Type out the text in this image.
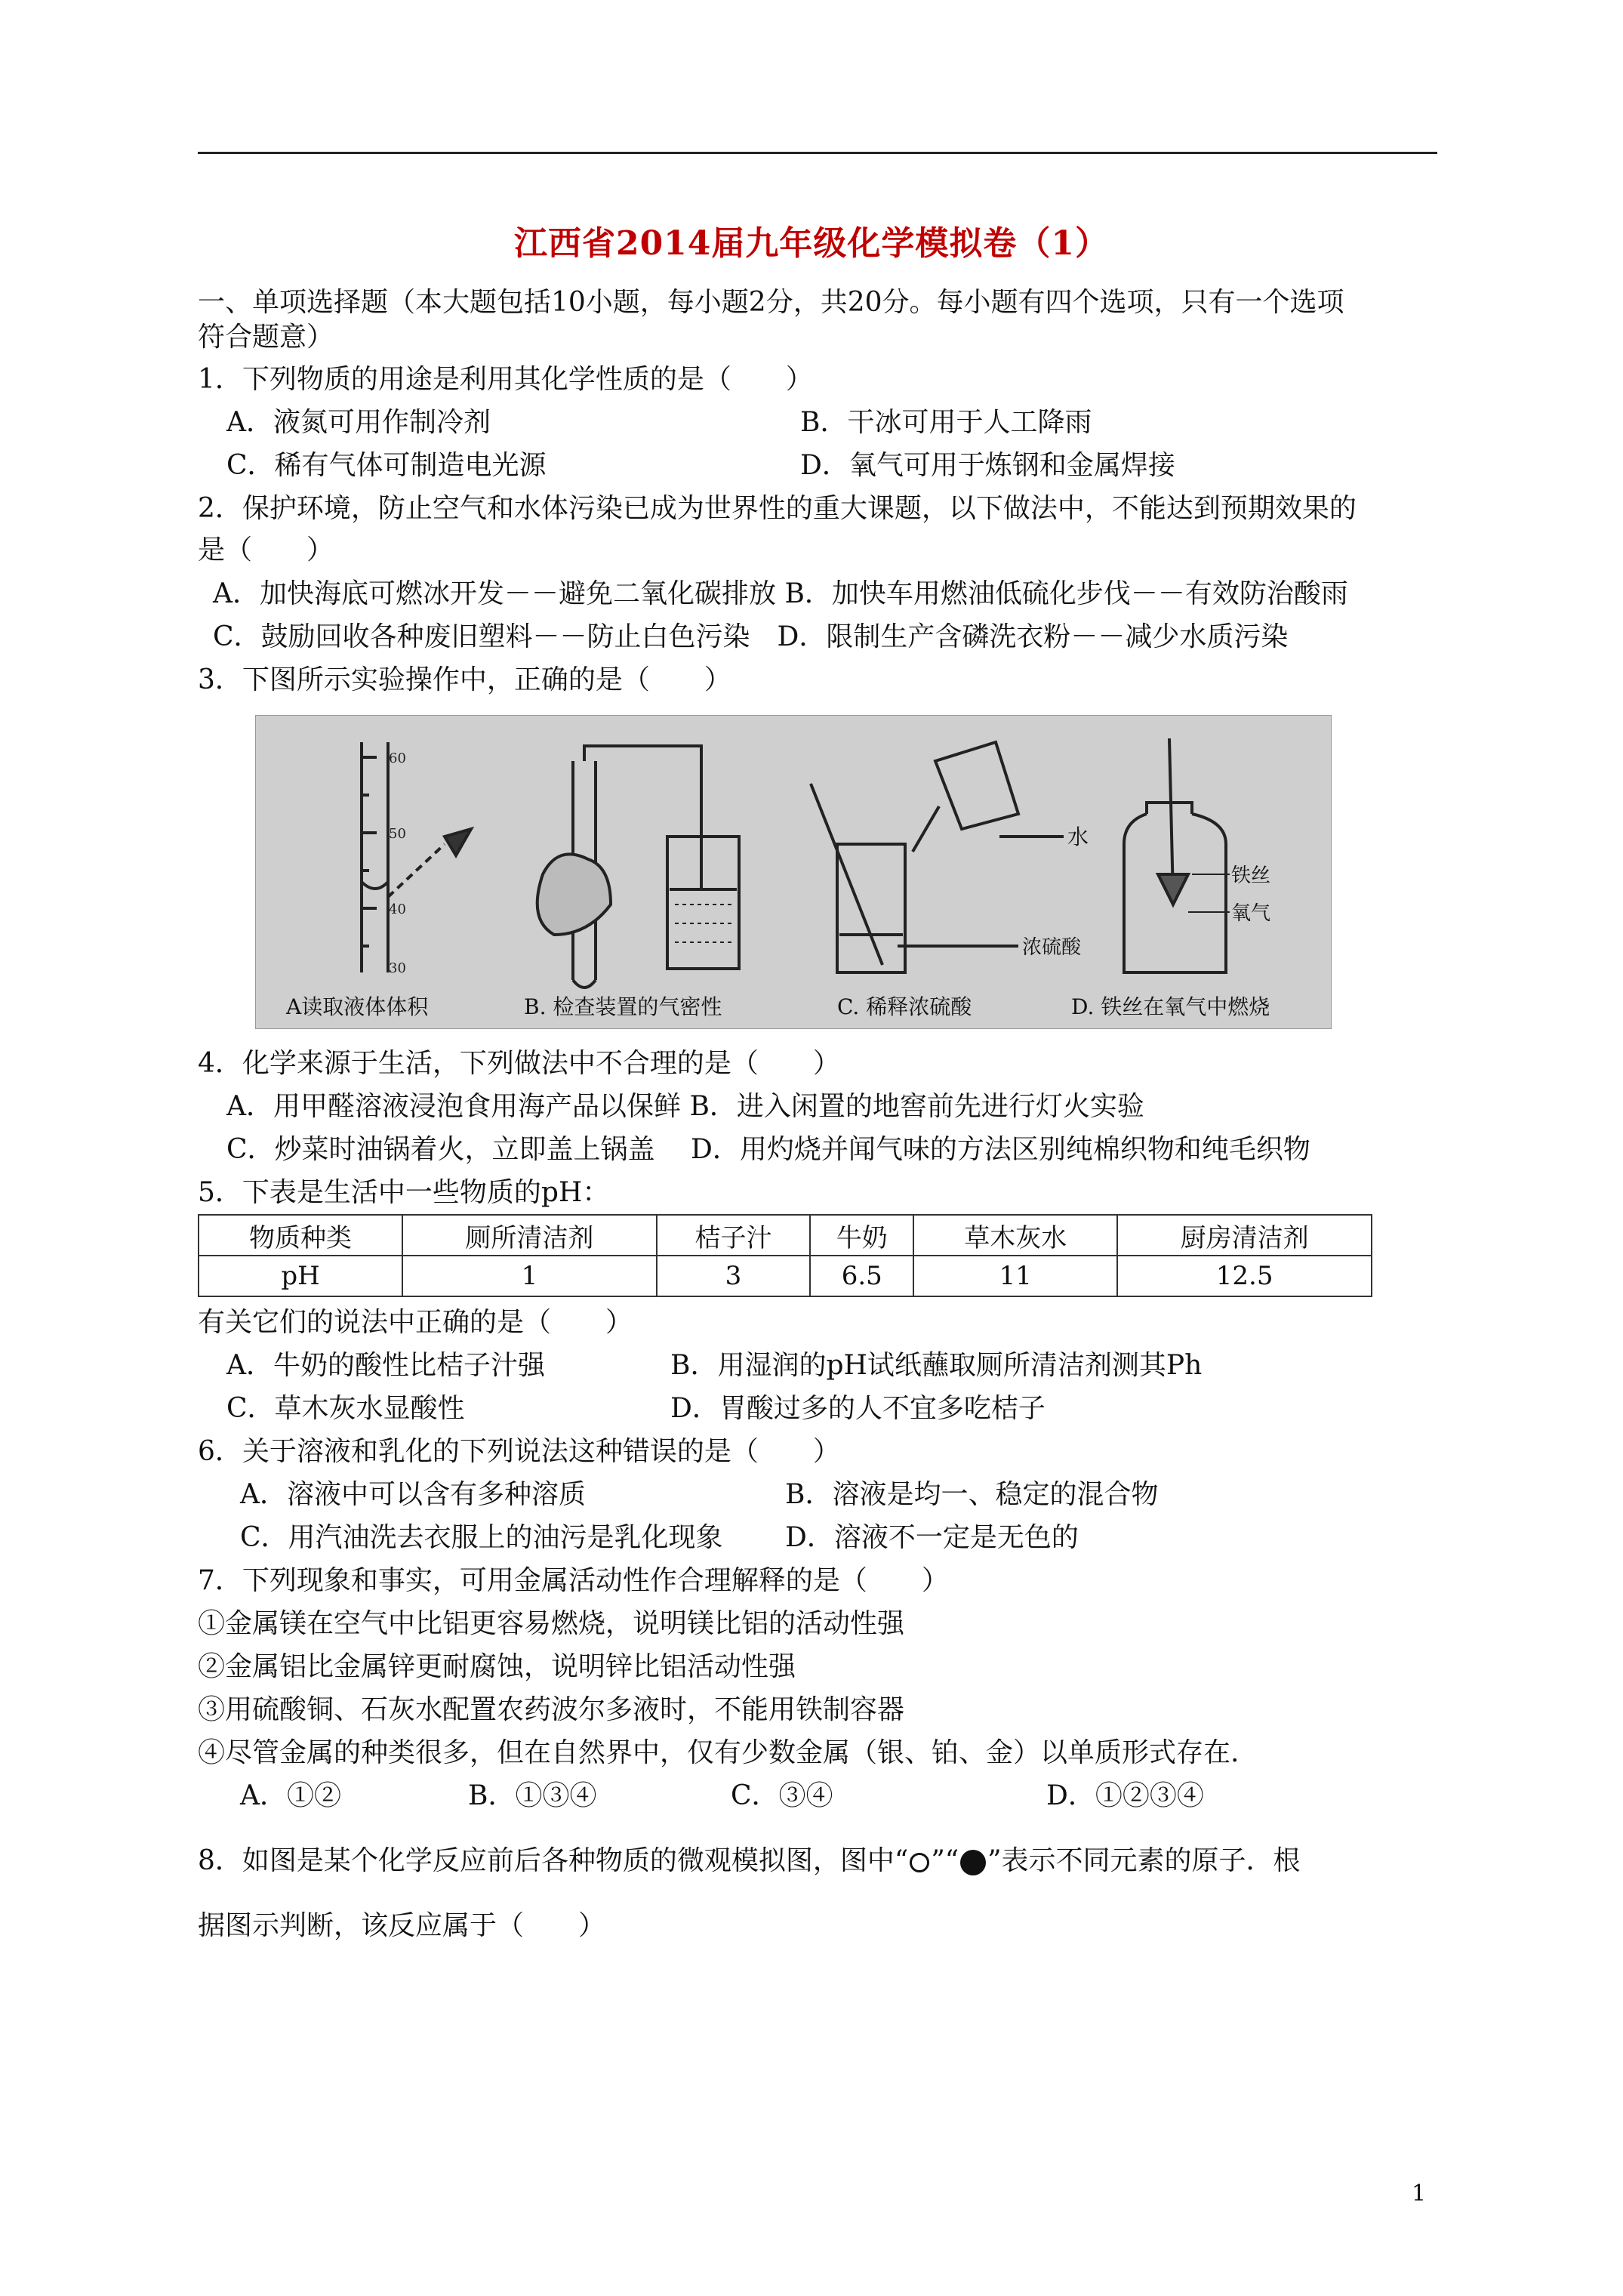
江西省2014届九年级化学模拟卷（1）
一、单项选择题（本大题包括10小题，每小题2分，共20分。每小题有四个选项，只有一个选项
符合题意）
1．下列物质的用途是利用其化学性质的是（　　）
A．液氮可用作制冷剂	B．干冰可用于人工降雨
C．稀有气体可制造电光源	D．氧气可用于炼钢和金属焊接
2．保护环境，防止空气和水体污染已成为世界性的重大课题，以下做法中，不能达到预期效果的
是（　　）
A．加快海底可燃冰开发－－避免二氧化碳排放 B．加快车用燃油低硫化步伐－－有效防治酸雨
C．鼓励回收各种废旧塑料－－防止白色污染　D．限制生产含磷洗衣粉－－减少水质污染
3．下图所示实验操作中，正确的是（　　）
60
50
40
30
水
浓硫酸
铁丝
氧气
A读取液体体积	B. 检查装置的气密性	C. 稀释浓硫酸	D. 铁丝在氧气中燃烧
4．化学来源于生活，下列做法中不合理的是（　　）
A．用甲醛溶液浸泡食用海产品以保鲜 B．进入闲置的地窖前先进行灯火实验
C．炒菜时油锅着火，立即盖上锅盖　 D．用灼烧并闻气味的方法区别纯棉织物和纯毛织物
5．下表是生活中一些物质的pH：
物质种类	厕所清洁剂	桔子汁	牛奶	草木灰水	厨房清洁剂
pH	1	3	6.5	11	12.5
有关它们的说法中正确的是（　　）
A．牛奶的酸性比桔子汁强	B．用湿润的pH试纸蘸取厕所清洁剂测其Ph
C．草木灰水显酸性	D．胃酸过多的人不宜多吃桔子
6．关于溶液和乳化的下列说法这种错误的是（　　）
A．溶液中可以含有多种溶质	B．溶液是均一、稳定的混合物
C．用汽油洗去衣服上的油污是乳化现象 D．溶液不一定是无色的
7．下列现象和事实，可用金属活动性作合理解释的是（　　）
①金属镁在空气中比铝更容易燃烧，说明镁比铝的活动性强
②金属铝比金属锌更耐腐蚀，说明锌比铝活动性强
③用硫酸铜、石灰水配置农药波尔多液时，不能用铁制容器
④尽管金属的种类很多，但在自然界中，仅有少数金属（银、铂、金）以单质形式存在.
A．①②	B．①③④	C．③④	D．①②③④
8．如图是某个化学反应前后各种物质的微观模拟图，图中“ ”“ ”表示不同元素的原子．根
据图示判断，该反应属于（　　）
1
